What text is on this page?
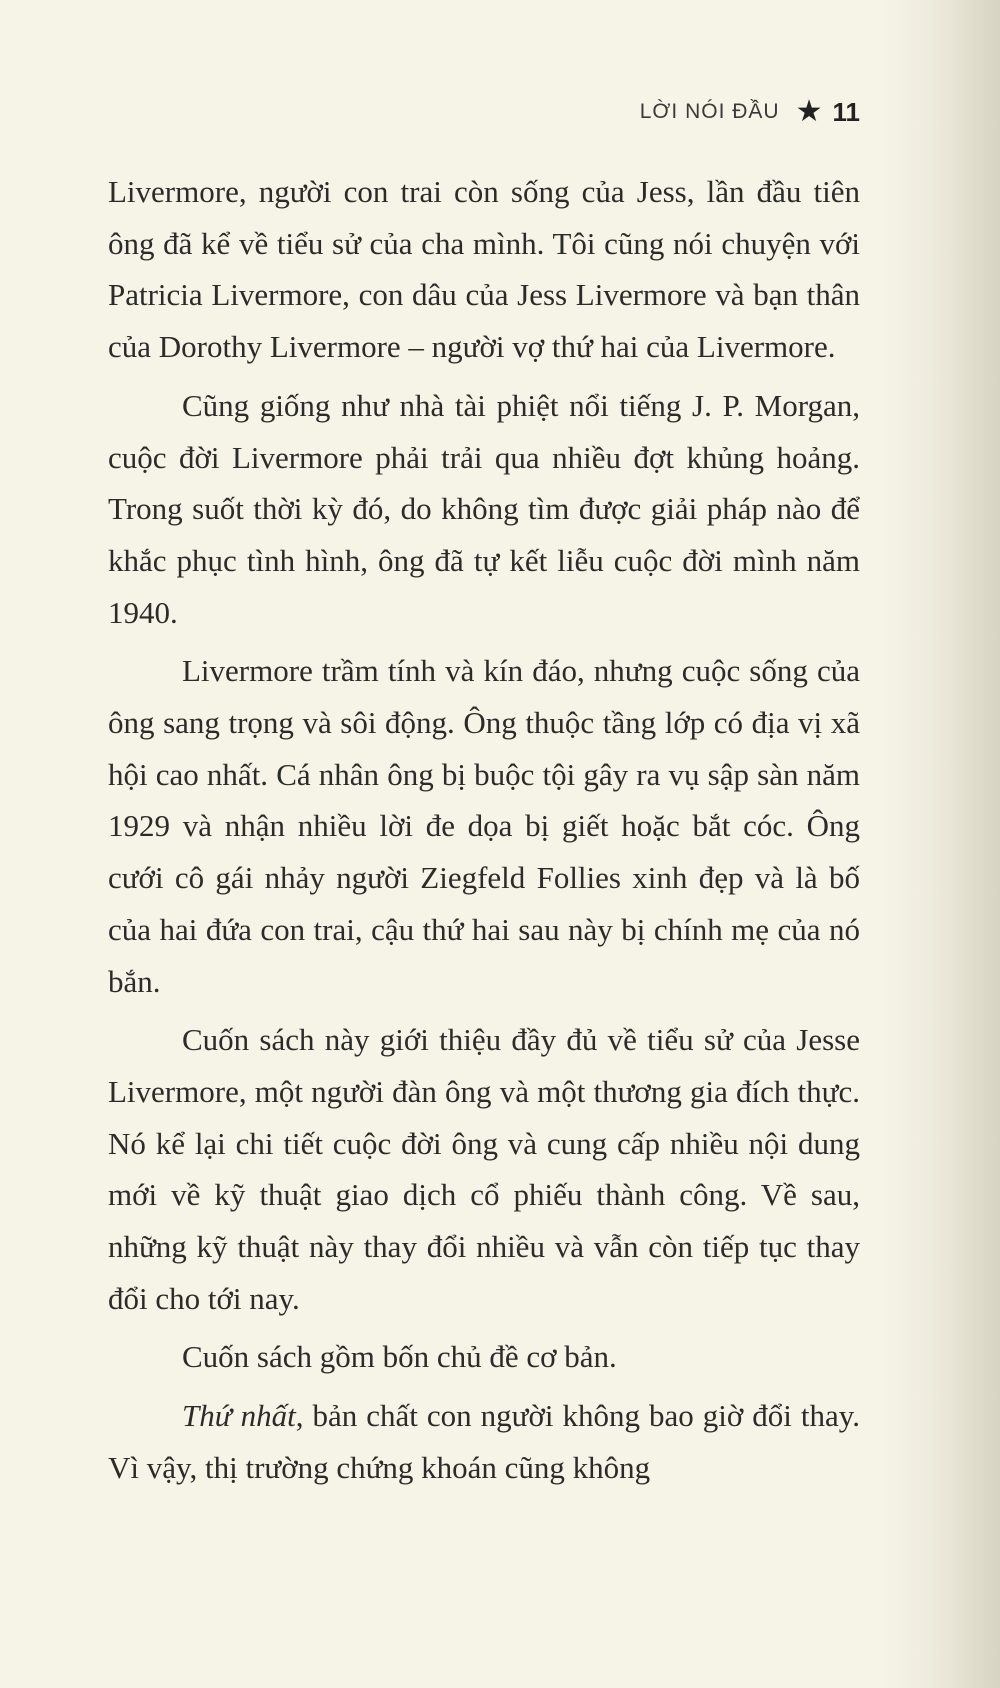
LỜI NÓI ĐẦU ★ 11

Livermore, người con trai còn sống của Jess, lần đầu tiên ông đã kể về tiểu sử của cha mình. Tôi cũng nói chuyện với Patricia Livermore, con dâu của Jess Livermore và bạn thân của Dorothy Livermore – người vợ thứ hai của Livermore.

Cũng giống như nhà tài phiệt nổi tiếng J. P. Morgan, cuộc đời Livermore phải trải qua nhiều đợt khủng hoảng. Trong suốt thời kỳ đó, do không tìm được giải pháp nào để khắc phục tình hình, ông đã tự kết liễu cuộc đời mình năm 1940.

Livermore trầm tính và kín đáo, nhưng cuộc sống của ông sang trọng và sôi động. Ông thuộc tầng lớp có địa vị xã hội cao nhất. Cá nhân ông bị buộc tội gây ra vụ sập sàn năm 1929 và nhận nhiều lời đe dọa bị giết hoặc bắt cóc. Ông cưới cô gái nhảy người Ziegfeld Follies xinh đẹp và là bố của hai đứa con trai, cậu thứ hai sau này bị chính mẹ của nó bắn.

Cuốn sách này giới thiệu đầy đủ về tiểu sử của Jesse Livermore, một người đàn ông và một thương gia đích thực. Nó kể lại chi tiết cuộc đời ông và cung cấp nhiều nội dung mới về kỹ thuật giao dịch cổ phiếu thành công. Về sau, những kỹ thuật này thay đổi nhiều và vẫn còn tiếp tục thay đổi cho tới nay.

Cuốn sách gồm bốn chủ đề cơ bản.

Thứ nhất, bản chất con người không bao giờ đổi thay. Vì vậy, thị trường chứng khoán cũng không
